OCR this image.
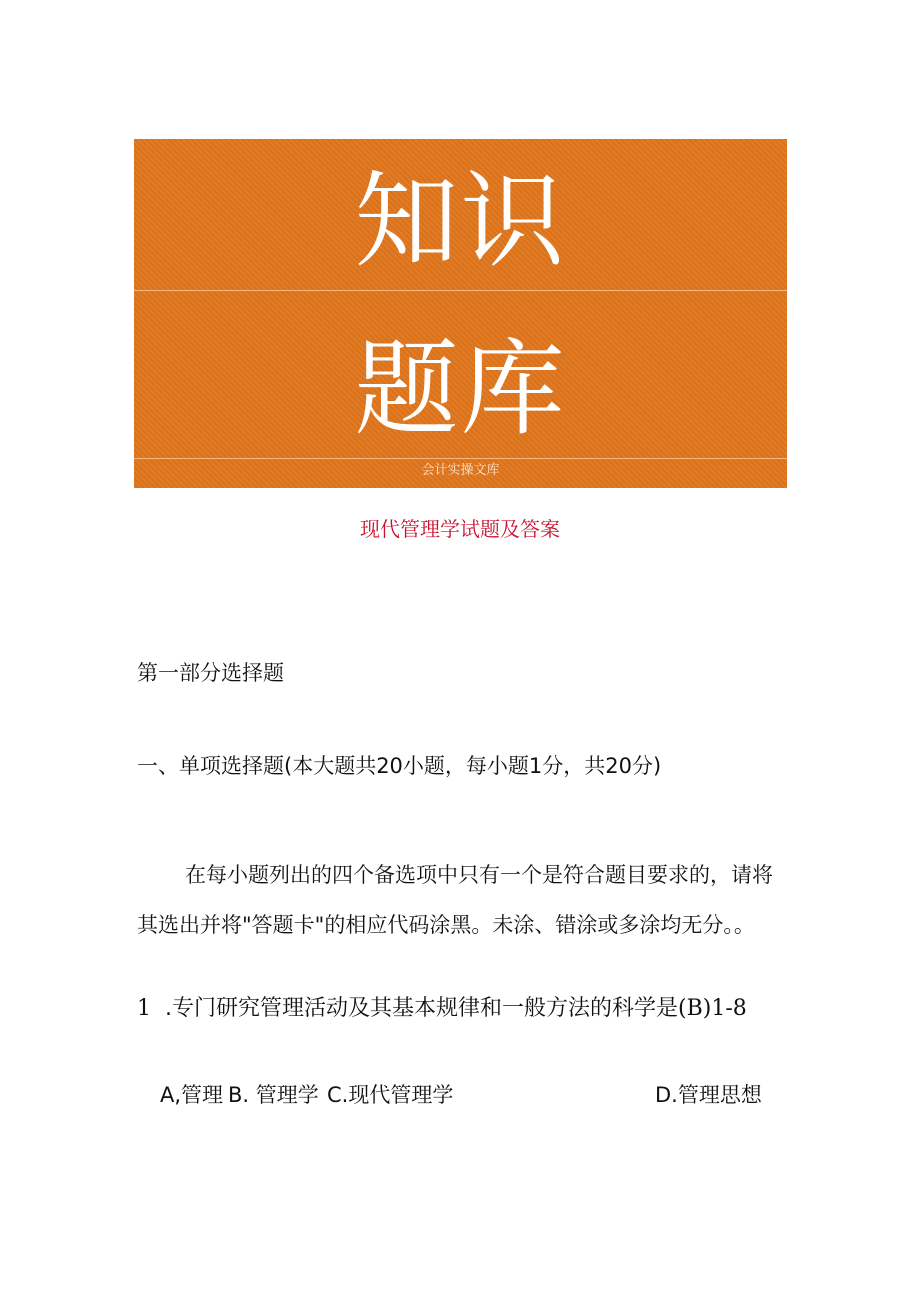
知识
题库
会计实操文库
现代管理学试题及答案
第一部分选择题
一、单项选择题(本大题共20小题，每小题1分，共20分)
在每小题列出的四个备选项中只有一个是符合题目要求的，请将其选出并将"答题卡"的相应代码涂黑。未涂、错涂或多涂均无分。。
1 .专门研究管理活动及其基本规律和一般方法的科学是(B)1-8
A,管理 B. 管理学 C.现代管理学	D.管理思想
